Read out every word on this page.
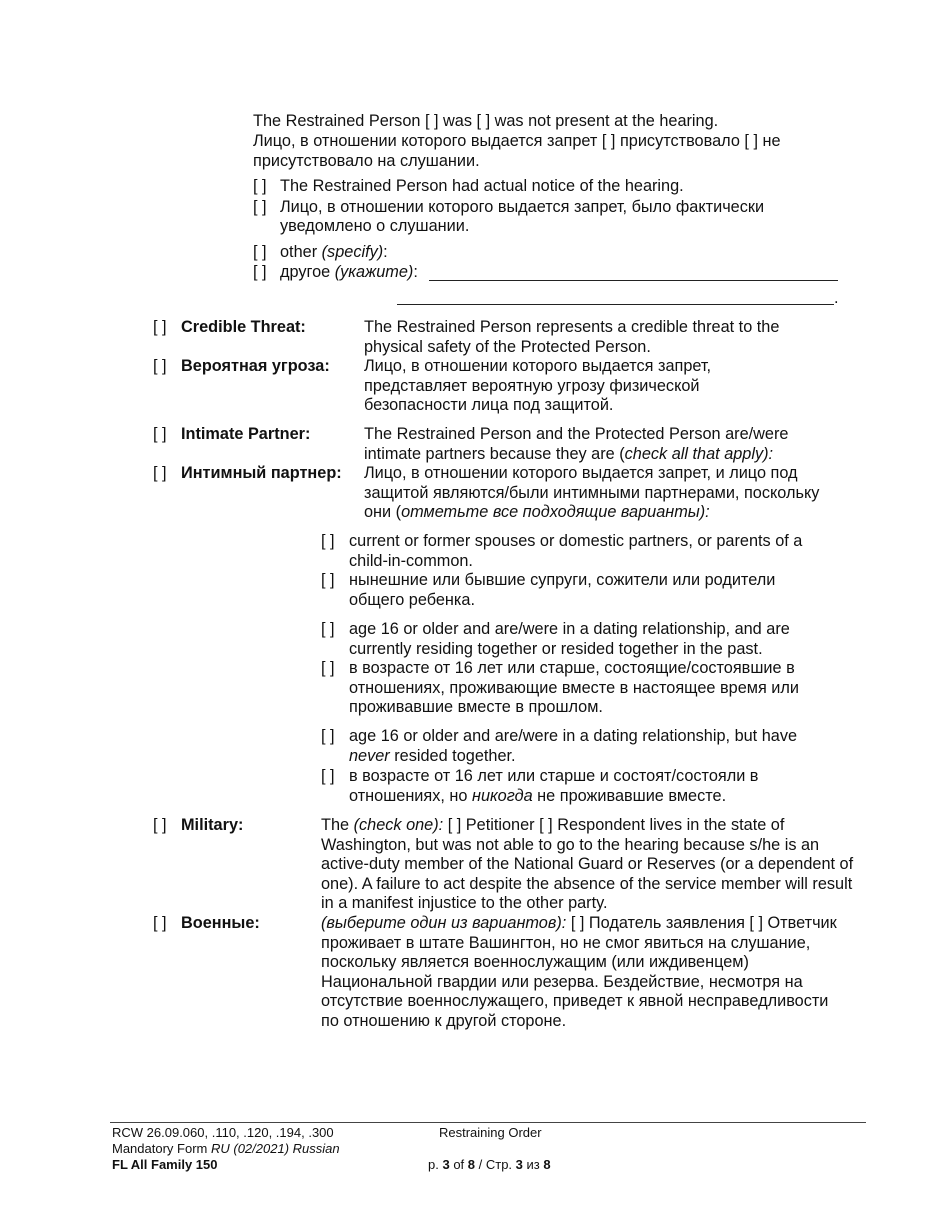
The Restrained Person [ ] was [ ] was not present at the hearing.
Лицо, в отношении которого выдается запрет [ ] присутствовало [ ] не присутствовало на слушании.
[ ] The Restrained Person had actual notice of the hearing.
[ ] Лицо, в отношении которого выдается запрет, было фактически
уведомлено о слушании.
[ ] other (specify):
[ ] другое (укажите):
.
[ ] Credible Threat:	The Restrained Person represents a credible threat to the physical safety of the Protected Person.
[ ] Вероятная угроза: Лицо, в отношении которого выдается запрет, представляет вероятную угрозу физической безопасности лица под защитой.
[ ] Intimate Partner:	The Restrained Person and the Protected Person are/were intimate partners because they are (check all that apply):
[ ] Интимный партнер: Лицо, в отношении которого выдается запрет, и лицо под защитой являются/были интимными партнерами, поскольку они (отметьте все подходящие варианты):
[ ] current or former spouses or domestic partners, or parents of a child-in-common.
[ ] нынешние или бывшие супруги, сожители или родители общего ребенка.
[ ] age 16 or older and are/were in a dating relationship, and are currently residing together or resided together in the past.
[ ] в возрасте от 16 лет или старше, состоящие/состоявшие в отношениях, проживающие вместе в настоящее время или проживавшие вместе в прошлом.
[ ] age 16 or older and are/were in a dating relationship, but have never resided together.
[ ] в возрасте от 16 лет или старше и состоят/состояли в отношениях, но никогда не проживавшие вместе.
[ ] Military:	The (check one): [ ] Petitioner [ ] Respondent lives in the state of Washington, but was not able to go to the hearing because s/he is an active-duty member of the National Guard or Reserves (or a dependent of one). A failure to act despite the absence of the service member will result in a manifest injustice to the other party.
[ ] Военные:	(выберите один из вариантов): [ ] Податель заявления [ ] Ответчик проживает в штате Вашингтон, но не смог явиться на слушание, поскольку является военнослужащим (или иждивенцем) Национальной гвардии или резерва. Бездействие, несмотря на отсутствие военнослужащего, приведет к явной несправедливости по отношению к другой стороне.
RCW 26.09.060, .110, .120, .194, .300
Mandatory Form RU (02/2021) Russian
FL All Family 150
Restraining Order
p. 3 of 8 / Стр. 3 из 8
